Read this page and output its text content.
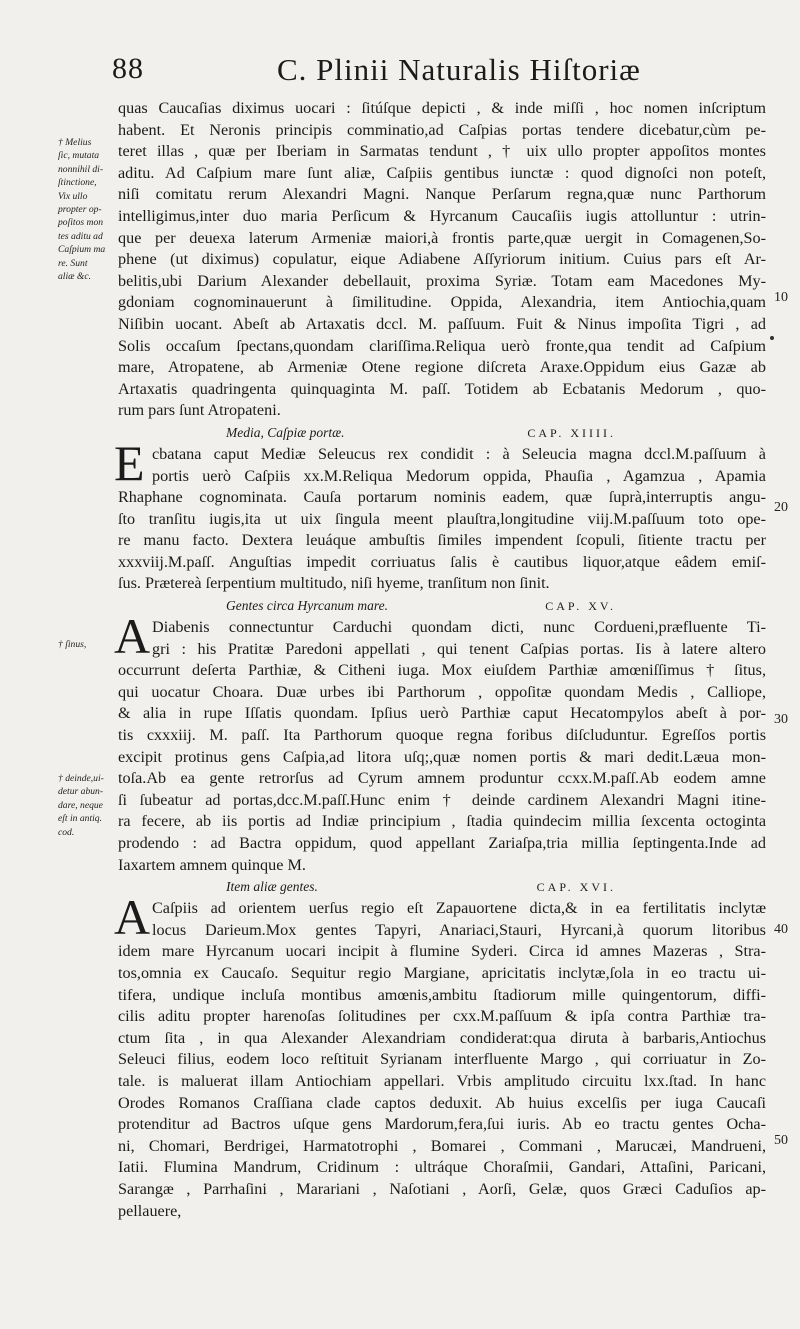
88	C. Plinii Naturalis Hiſtoriæ
† Melius
ſic, mutata
nonnihil di-
ſtinctione,
Vix ullo
propter op-
poſitos mon
tes aditu ad
Caſpium ma
re. Sunt
aliæ &c.
† ſinus,
† deinde,ui-
detur abun-
dare, neque
eſt in antiq.
cod.
10
20
30
40
50
quas Caucaſias diximus uocari : ſitúſque depicti , & inde miſſi , hoc nomen inſcriptum
habent. Et Neronis principis comminatio,ad Caſpias portas tendere dicebatur,cùm pe-
teret illas , quæ per Iberiam in Sarmatas tendunt , † uix ullo propter appoſitos montes
aditu. Ad Caſpium mare ſunt aliæ, Caſpiis gentibus iunctæ : quod dignoſci non poteſt,
niſi comitatu rerum Alexandri Magni. Nanque Perſarum regna,quæ nunc Parthorum
intelligimus,inter duo maria Perſicum & Hyrcanum Caucaſiis iugis attolluntur : utrin-
que per deuexa laterum Armeniæ maiori,à frontis parte,quæ uergit in Comagenen,So-
phene (ut diximus) copulatur, eique Adiabene Aſſyriorum initium. Cuius pars eſt Ar-
belitis,ubi Darium Alexander debellauit, proxima Syriæ. Totam eam Macedones My-
gdoniam cognominauerunt à ſimilitudine. Oppida, Alexandria, item Antiochia,quam
Niſibin uocant. Abeſt ab Artaxatis dccl. M. paſſuum. Fuit & Ninus impoſita Tigri , ad
Solis occaſum ſpectans,quondam clariſſima.Reliqua uerò fronte,qua tendit ad Caſpium
mare, Atropatene, ab Armeniæ Otene regione diſcreta Araxe.Oppidum eius Gazæ ab
Artaxatis quadringenta quinquaginta M. paſſ. Totidem ab Ecbatanis Medorum , quo-
rum pars ſunt Atropateni.
Media, Caſpiæ portæ.	CAP. XIIII.
E cbatana caput Mediæ Seleucus rex condidit : à Seleucia magna dccl.M.paſſuum à
portis uerò Caſpiis xx.M.Reliqua Medorum oppida, Phauſia , Agamzua , Apamia
Rhaphane cognominata. Cauſa portarum nominis eadem, quæ ſuprà,interruptis angu-
ſto tranſitu iugis,ita ut uix ſingula meent plauſtra,longitudine viij.M.paſſuum toto ope-
re manu facto. Dextera leuáque ambuſtis ſimiles impendent ſcopuli, ſitiente tractu per
xxxviij.M.paſſ. Anguſtias impedit corriuatus ſalis è cautibus liquor,atque eâdem emiſ-
ſus. Prætereà ſerpentium multitudo, niſi hyeme, tranſitum non ſinit.
Gentes circa Hyrcanum mare.	CAP. XV.
A Diabenis connectuntur Carduchi quondam dicti, nunc Cordueni,præfluente Ti-
gri : his Pratitæ Paredoni appellati , qui tenent Caſpias portas. Iis à latere altero
occurrunt deſerta Parthiæ, & Citheni iuga. Mox eiuſdem Parthiæ amœniſſimus † ſitus,
qui uocatur Choara. Duæ urbes ibi Parthorum , oppoſitæ quondam Medis , Calliope,
& alia in rupe Iſſatis quondam. Ipſius uerò Parthiæ caput Hecatompylos abeſt à por-
tis cxxxiij. M. paſſ. Ita Parthorum quoque regna foribus diſcluduntur. Egreſſos portis
excipit protinus gens Caſpia,ad litora uſq;,quæ nomen portis & mari dedit.Læua mon-
toſa.Ab ea gente retrorſus ad Cyrum amnem produntur ccxx.M.paſſ.Ab eodem amne
ſi ſubeatur ad portas,dcc.M.paſſ.Hunc enim † deinde cardinem Alexandri Magni itine-
ra fecere, ab iis portis ad Indiæ principium , ſtadia quindecim millia ſexcenta octoginta
prodendo : ad Bactra oppidum, quod appellant Zariaſpa,tria millia ſeptingenta.Inde ad
Iaxartem amnem quinque M.
Item aliæ gentes.	CAP. XVI.
A Caſpiis ad orientem uerſus regio eſt Zapauortene dicta,& in ea fertilitatis inclytæ
locus Darieum.Mox gentes Tapyri, Anariaci,Stauri, Hyrcani,à quorum litoribus
idem mare Hyrcanum uocari incipit à flumine Syderi. Circa id amnes Mazeras , Stra-
tos,omnia ex Caucaſo. Sequitur regio Margiane, apricitatis inclytæ,ſola in eo tractu ui-
tifera, undique incluſa montibus amœnis,ambitu ſtadiorum mille quingentorum, diffi-
cilis aditu propter harenoſas ſolitudines per cxx.M.paſſuum & ipſa contra Parthiæ tra-
ctum ſita , in qua Alexander Alexandriam condiderat:qua diruta à barbaris,Antiochus
Seleuci filius, eodem loco reſtituit Syrianam interfluente Margo , qui corriuatur in Zo-
tale. is maluerat illam Antiochiam appellari. Vrbis amplitudo circuitu lxx.ſtad. In hanc
Orodes Romanos Craſſiana clade captos deduxit. Ab huius excelſis per iuga Caucaſi
protenditur ad Bactros uſque gens Mardorum,fera,ſui iuris. Ab eo tractu gentes Ocha-
ni, Chomari, Berdrigei, Harmatotrophi , Bomarei , Commani , Marucæi, Mandrueni,
Iatii. Flumina Mandrum, Cridinum : ultráque Choraſmii, Gandari, Attaſini, Paricani,
Sarangæ , Parrhaſini , Marariani , Naſotiani , Aorſi, Gelæ, quos Græci Caduſios ap-
pellauere,
